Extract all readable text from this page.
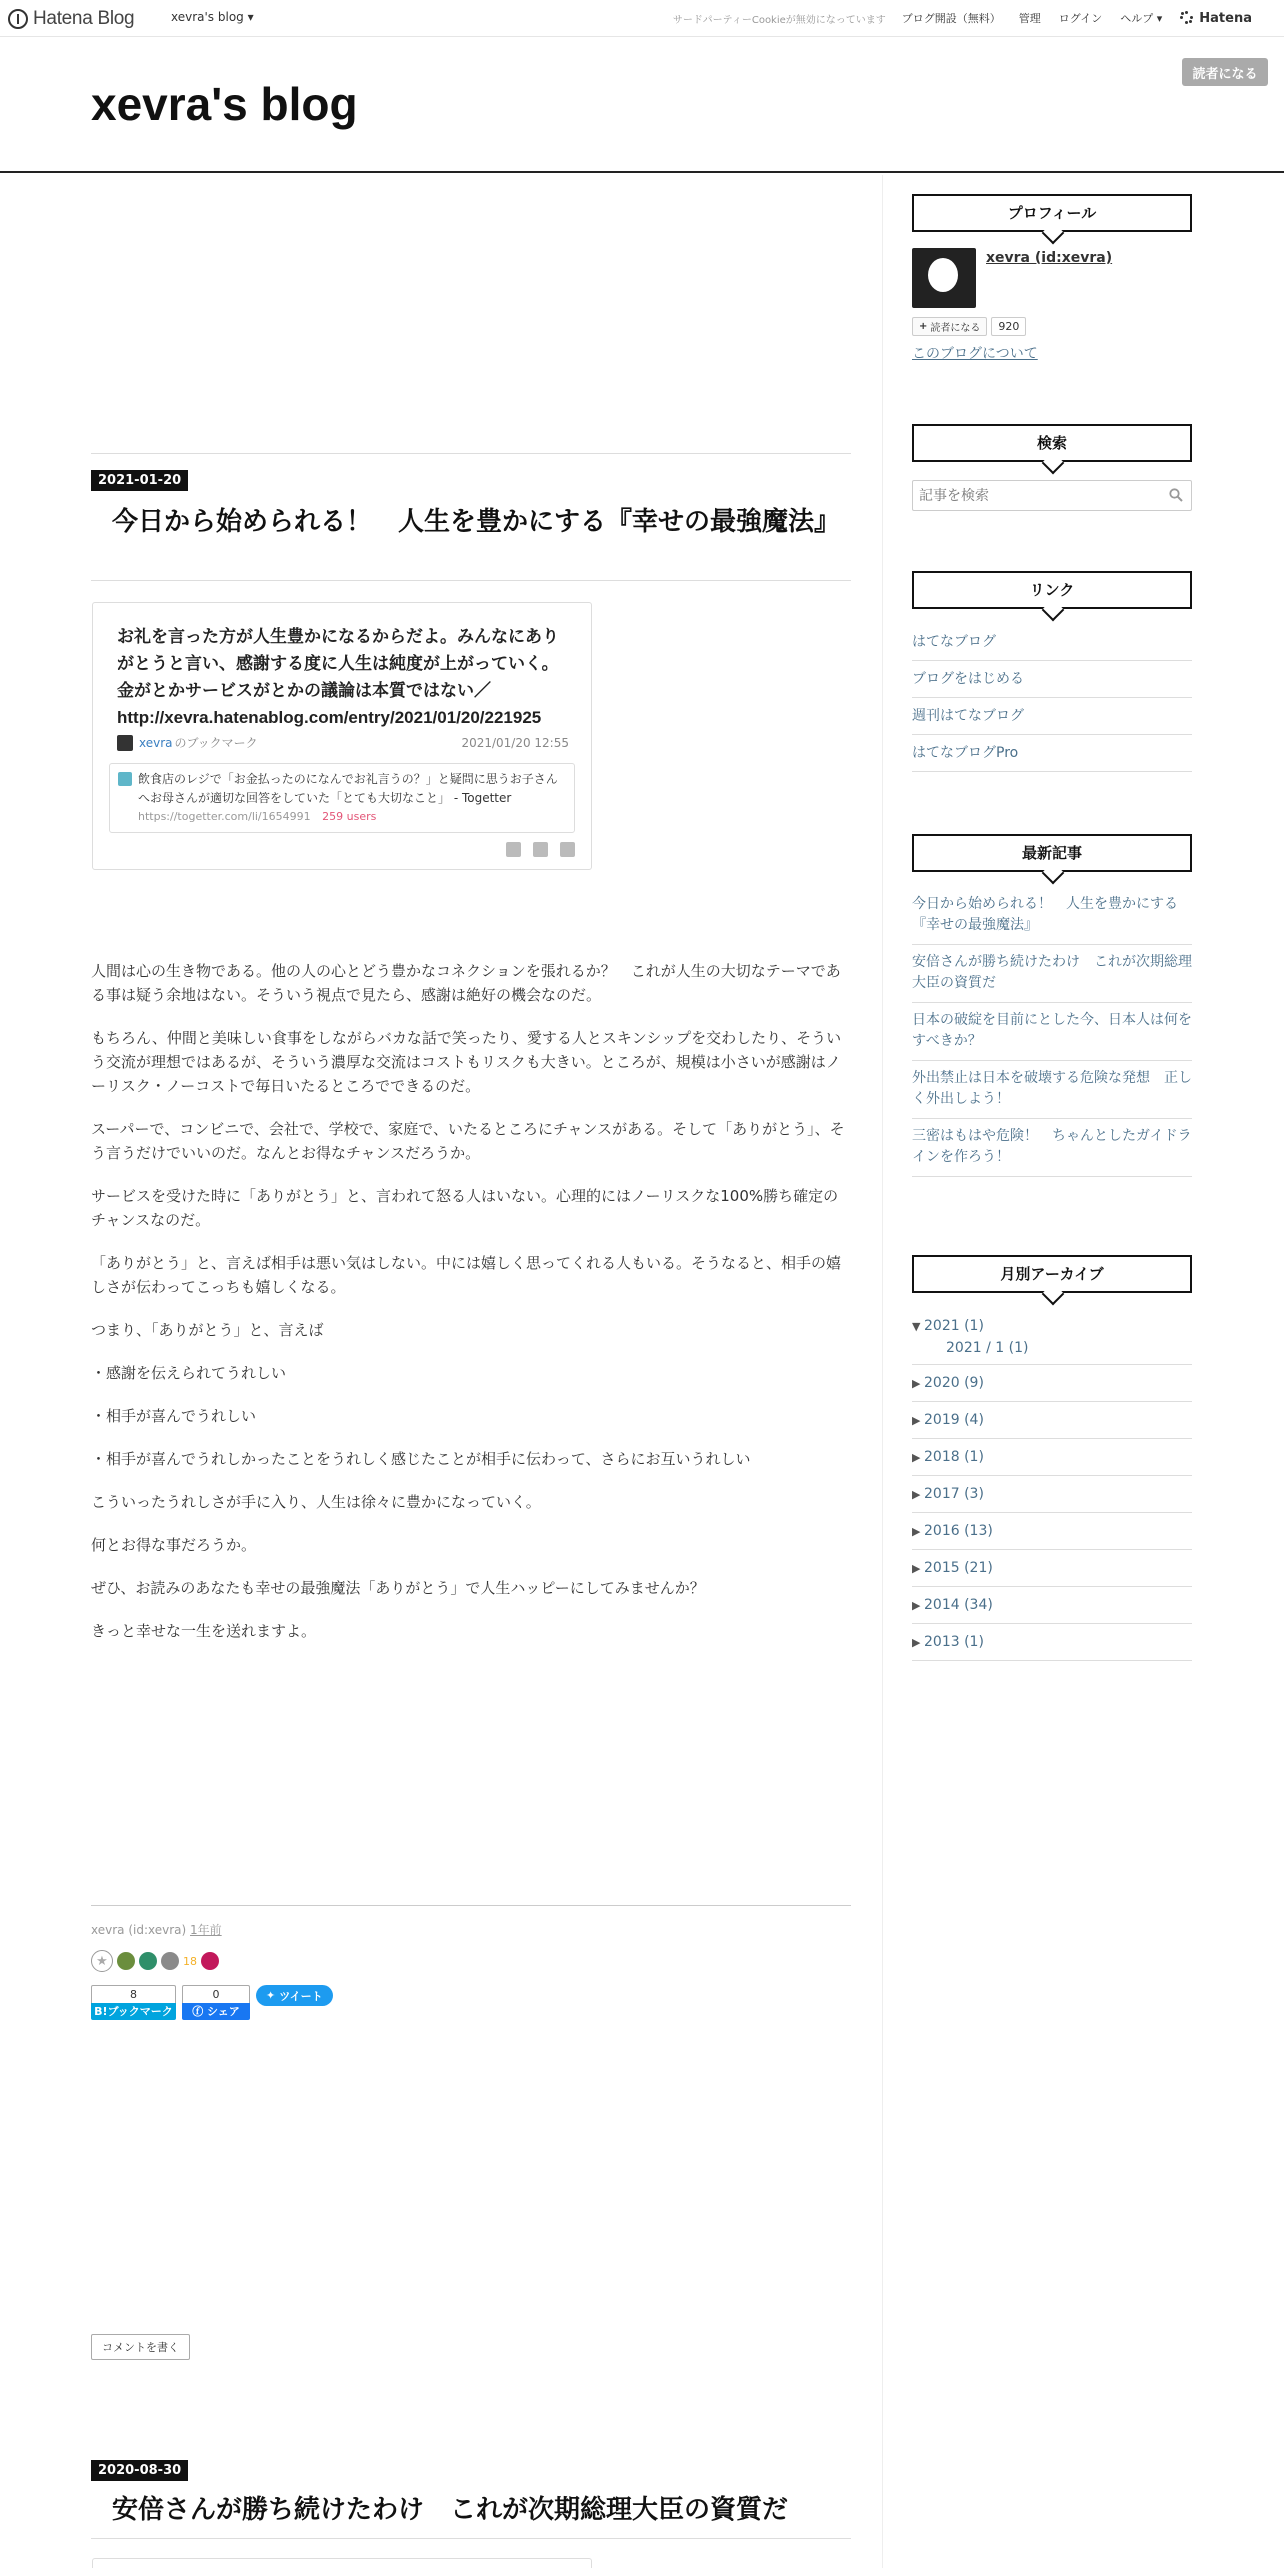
Hatena Blog	xevra's blog ▾	サードパーティーCookieが無効になっています ブログ開設（無料） 管理 ログイン ヘルプ ▾	Hatena
xevra's blog
読者になる
2021-01-20
今日から始められる！　人生を豊かにする『幸せの最強魔法』
お礼を言った方が人生豊かになるからだよ。みんなにありがとうと言い、感謝する度に人生は純度が上がっていく。金がとかサービスがとかの議論は本質ではない／http://xevra.hatenablog.com/entry/2021/01/20/221925
xevra のブックマーク	2021/01/20 12:55
飲食店のレジで「お金払ったのになんでお礼言うの？」と疑問に思うお子さんへお母さんが適切な回答をしていた「とても大切なこと」 - Togetter
https://togetter.com/li/1654991 259 users

人間は心の生き物である。他の人の心とどう豊かなコネクションを張れるか？　これが人生の大切なテーマである事は疑う余地はない。そういう視点で見たら、感謝は絶好の機会なのだ。

もちろん、仲間と美味しい食事をしながらバカな話で笑ったり、愛する人とスキンシップを交わしたり、そういう交流が理想ではあるが、そういう濃厚な交流はコストもリスクも大きい。ところが、規模は小さいが感謝はノーリスク・ノーコストで毎日いたるところでできるのだ。

スーパーで、コンビニで、会社で、学校で、家庭で、いたるところにチャンスがある。そして「ありがとう」、そう言うだけでいいのだ。なんとお得なチャンスだろうか。

サービスを受けた時に「ありがとう」と、言われて怒る人はいない。心理的にはノーリスクな100%勝ち確定のチャンスなのだ。

「ありがとう」と、言えば相手は悪い気はしない。中には嬉しく思ってくれる人もいる。そうなると、相手の嬉しさが伝わってこっちも嬉しくなる。

つまり、「ありがとう」と、言えば

・感謝を伝えられてうれしい

・相手が喜んでうれしい

・相手が喜んでうれしかったことをうれしく感じたことが相手に伝わって、さらにお互いうれしい

こういったうれしさが手に入り、人生は徐々に豊かになっていく。

何とお得な事だろうか。

ぜひ、お読みのあなたも幸せの最強魔法「ありがとう」で人生ハッピーにしてみませんか？

きっと幸せな一生を送れますよ。

xevra (id:xevra) 1年前
★	18
8
B!ブックマーク
0
ⓕ シェア
✦ ツイート
コメントを書く
2020-08-30
安倍さんが勝ち続けたわけ　これが次期総理大臣の資質だ
プロフィール
xevra (id:xevra)
+ 読者になる	920
このブログについて
検索
記事を検索
リンク
はてなブログ
ブログをはじめる
週刊はてなブログ
はてなブログPro
最新記事
今日から始められる！　人生を豊かにする『幸せの最強魔法』
安倍さんが勝ち続けたわけ　これが次期総理大臣の資質だ
日本の破綻を目前にとした今、日本人は何をすべきか？
外出禁止は日本を破壊する危険な発想　正しく外出しよう！
三密はもはや危険！　ちゃんとしたガイドラインを作ろう！
月別アーカイブ
▼ 2021 (1)
2021 / 1 (1)
▶ 2020 (9)
▶ 2019 (4)
▶ 2018 (1)
▶ 2017 (3)
▶ 2016 (13)
▶ 2015 (21)
▶ 2014 (34)
▶ 2013 (1)
